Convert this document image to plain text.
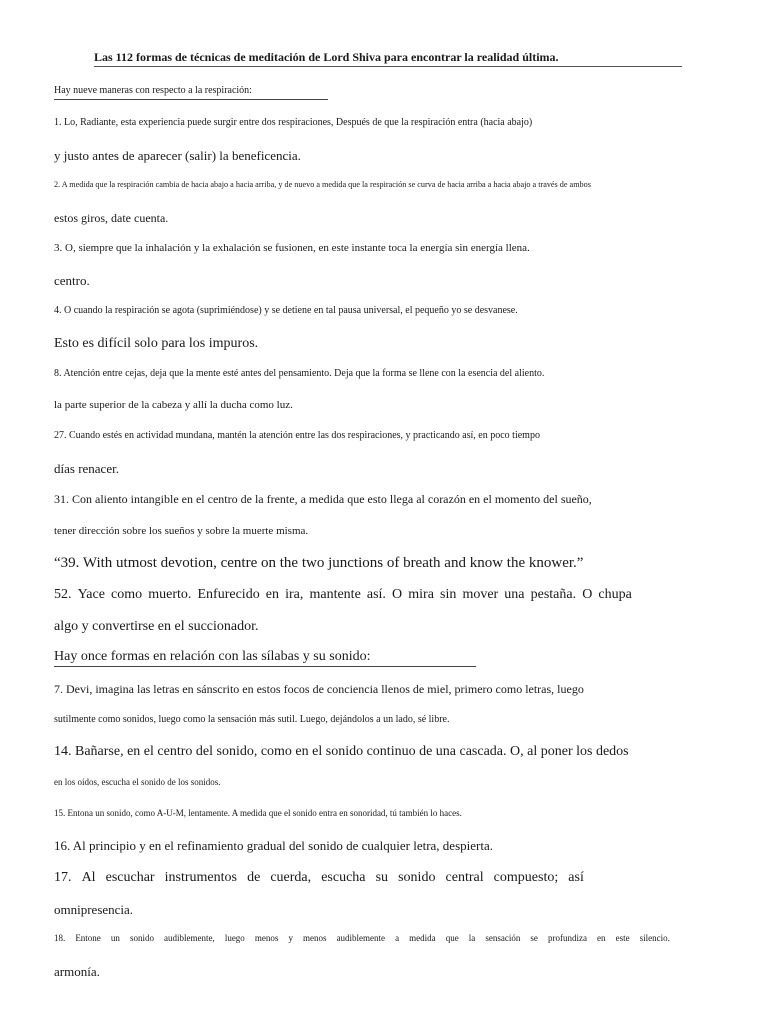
Las 112 formas de técnicas de meditación de Lord Shiva para encontrar la realidad última.
Hay nueve maneras con respecto a la respiración:
1. Lo, Radiante, esta experiencia puede surgir entre dos respiraciones, Después de que la respiración entra (hacia abajo)
y justo antes de aparecer (salir) la beneficencia.
2. A medida que la respiración cambia de hacia abajo a hacia arriba, y de nuevo a medida que la respiración se curva de hacia arriba a hacia abajo a través de ambos
estos giros, date cuenta.
3. O, siempre que la inhalación y la exhalación se fusionen, en este instante toca la energía sin energía llena.
centro.
4. O cuando la respiración se agota (suprimiéndose) y se detiene en tal pausa universal, el pequeño yo se desvanese.
Esto es difícil solo para los impuros.
8. Atención entre cejas, deja que la mente esté antes del pensamiento. Deja que la forma se llene con la esencia del aliento.
la parte superior de la cabeza y allí la ducha como luz.
27. Cuando estés en actividad mundana, mantén la atención entre las dos respiraciones, y practicando así, en poco tiempo
días renacer.
31. Con aliento intangible en el centro de la frente, a medida que esto llega al corazón en el momento del sueño,
tener dirección sobre los sueños y sobre la muerte misma.
“39. With utmost devotion, centre on the two junctions of breath and know the knower.”
52. Yace como muerto. Enfurecido en ira, mantente así. O mira sin mover una pestaña. O chupa
algo y convertirse en el succionador.
Hay once formas en relación con las sílabas y su sonido:
7. Devi, imagina las letras en sánscrito en estos focos de conciencia llenos de miel, primero como letras, luego
sutilmente como sonidos, luego como la sensación más sutil. Luego, dejándolos a un lado, sé libre.
14. Bañarse, en el centro del sonido, como en el sonido continuo de una cascada. O, al poner los dedos
en los oídos, escucha el sonido de los sonidos.
15. Entona un sonido, como A-U-M, lentamente. A medida que el sonido entra en sonoridad, tú también lo haces.
16. Al principio y en el refinamiento gradual del sonido de cualquier letra, despierta.
17. Al escuchar instrumentos de cuerda, escucha su sonido central compuesto; así
omnipresencia.
18. Entone un sonido audiblemente, luego menos y menos audiblemente a medida que la sensación se profundiza en este silencio.
armonía.
